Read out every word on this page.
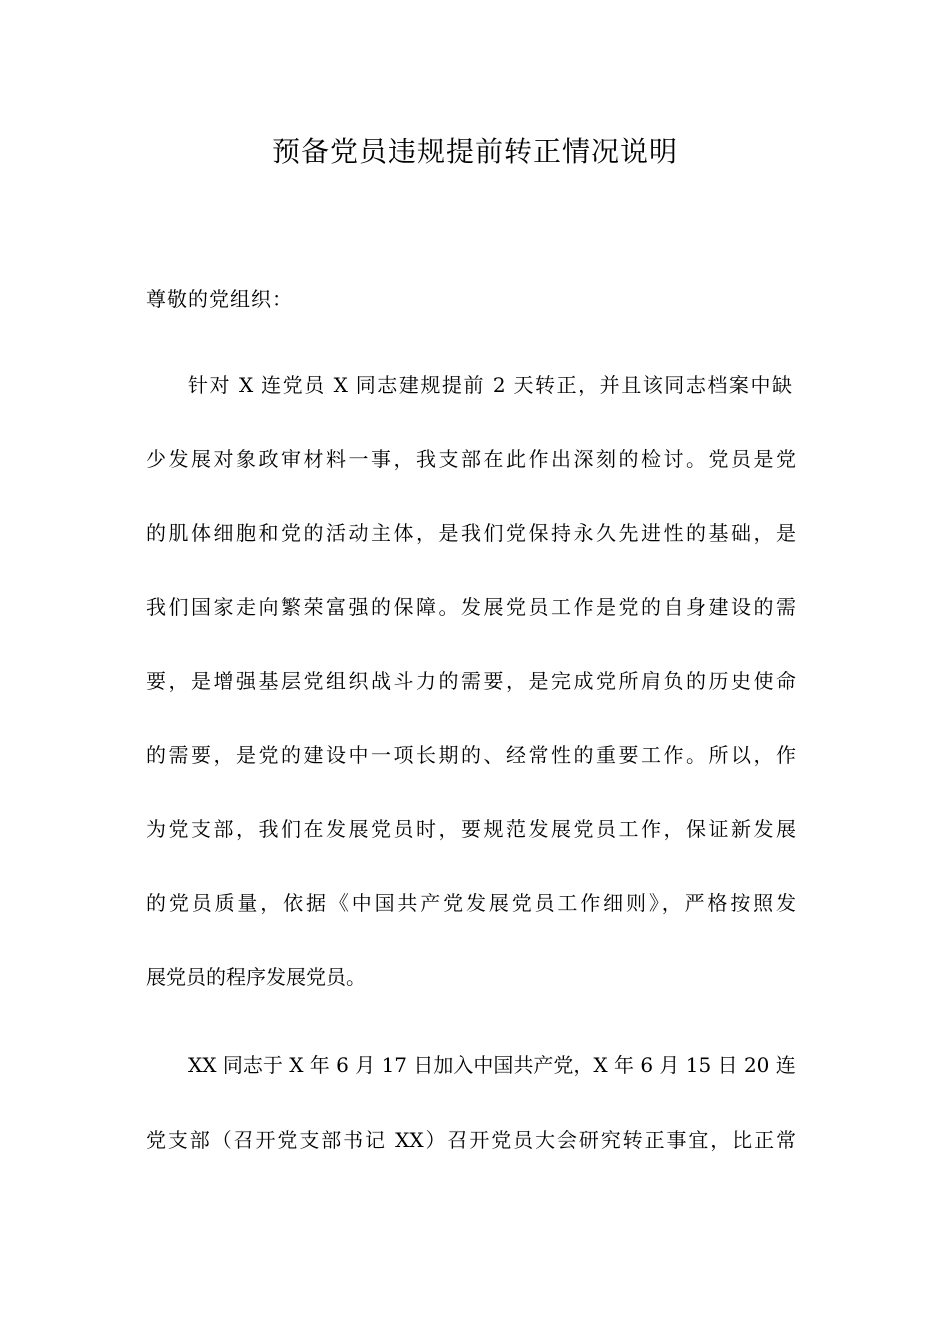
预备党员违规提前转正情况说明
尊敬的党组织：
针对 X 连党员 X 同志建规提前 2 天转正，并且该同志档案中缺
少发展对象政审材料一事，我支部在此作出深刻的检讨。党员是党
的肌体细胞和党的活动主体，是我们党保持永久先进性的基础，是
我们国家走向繁荣富强的保障。发展党员工作是党的自身建设的需
要，是增强基层党组织战斗力的需要，是完成党所肩负的历史使命
的需要，是党的建设中一项长期的、经常性的重要工作。所以，作
为党支部，我们在发展党员时，要规范发展党员工作，保证新发展
的党员质量，依据《中国共产党发展党员工作细则》，严格按照发
展党员的程序发展党员。
XX 同志于 X 年 6 月 17 日加入中国共产党，X 年 6 月 15 日 20 连
党支部（召开党支部书记 XX）召开党员大会研究转正事宜，比正常
